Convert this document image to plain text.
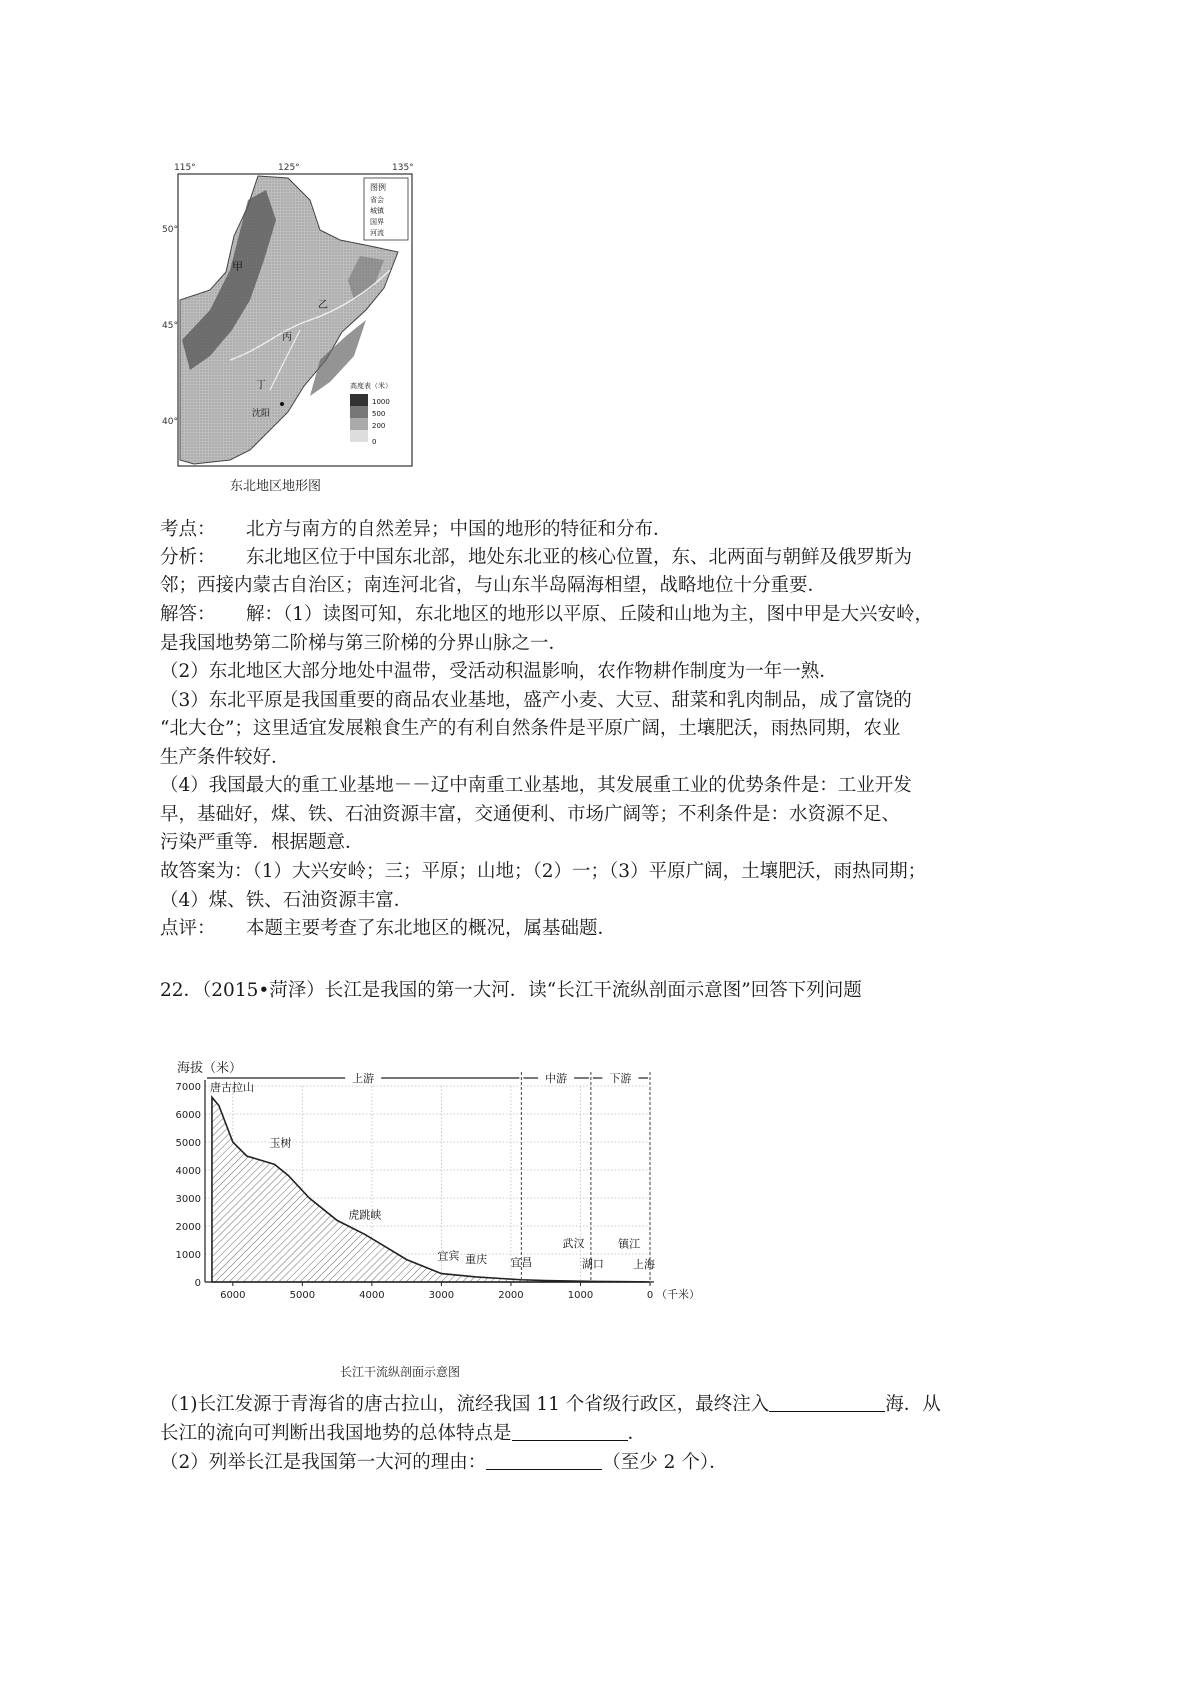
115°	125°	135°
50°
45°
40°
甲
乙
丙
丁
沈阳
图例
省会
城镇
国界
河流
高度表（米）
1000
500
200
0
东北地区地形图
考点： 北方与南方的自然差异；中国的地形的特征和分布．
分析： 东北地区位于中国东北部，地处东北亚的核心位置，东、北两面与朝鲜及俄罗斯为
邻；西接内蒙古自治区；南连河北省，与山东半岛隔海相望，战略地位十分重要．
解答： 解：（1）读图可知，东北地区的地形以平原、丘陵和山地为主，图中甲是大兴安岭，
是我国地势第二阶梯与第三阶梯的分界山脉之一．
（2）东北地区大部分地处中温带，受活动积温影响，农作物耕作制度为一年一熟．
（3）东北平原是我国重要的商品农业基地，盛产小麦、大豆、甜菜和乳肉制品，成了富饶的
“北大仓”；这里适宜发展粮食生产的有利自然条件是平原广阔，土壤肥沃，雨热同期，农业
生产条件较好．
（4）我国最大的重工业基地－－辽中南重工业基地，其发展重工业的优势条件是：工业开发
早，基础好，煤、铁、石油资源丰富，交通便利、市场广阔等；不利条件是：水资源不足、
污染严重等．根据题意．
故答案为：（1）大兴安岭；三；平原；山地；（2）一；（3）平原广阔，土壤肥沃，雨热同期；
（4）煤、铁、石油资源丰富．
点评： 本题主要考查了东北地区的概况，属基础题．
22．（2015•菏泽）长江是我国的第一大河．读“长江干流纵剖面示意图”回答下列问题
海拔（米）
7000
6000
5000
4000
3000
2000
1000
0
6000	5000	4000	3000	2000	1000	0 （千米）
上游	中游	下游
唐古拉山
玉树
虎跳峡
宜宾 重庆 宜昌
武汉
湖口
镇江
上海
长江干流纵剖面示意图
（1)长江发源于青海省的唐古拉山，流经我国 11 个省级行政区，最终注入	海．从
长江的流向可判断出我国地势的总体特点是	．
（2）列举长江是我国第一大河的理由：	（至少 2 个）．
